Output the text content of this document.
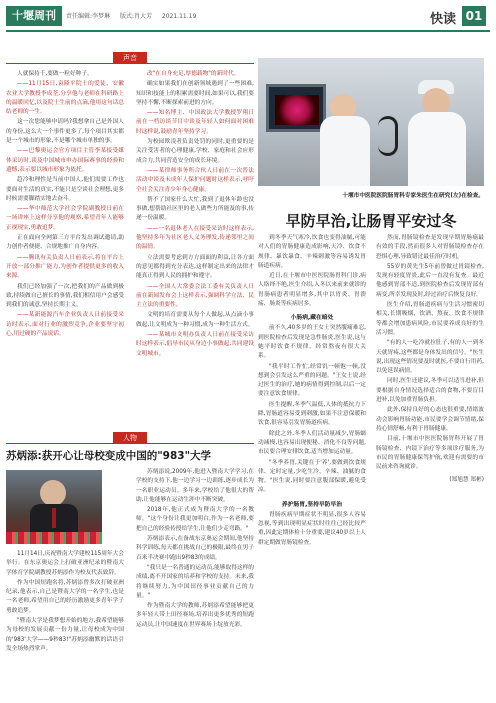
十堰周刊	责任编辑:李梦琳 版式:肖大芳 2021.11.19	快读 01
声音

人就保持千,要做一粒好种子。

——11月15日,袁隆平院士的爱徒、安徽农业大学教授李成荃,分享他与老师在科研路上的温暖回忆,以及院士生前的点滴,他用这句话总结老师的一生。

这一次您能够申请吗?我想拿自己是外国人的身份,这么大一个事件更多了,每个项目其实都是一个城市的形象,不是哪个城市单独的事。

——巴黎奥运会官方项目主管李某接受媒体采访时,谈及中国城市申办国际赛事的经验和遗憾,表示要以城市形象为依托。

趋冷和理性是当前中国人,他们需要工作也要面对生活的真实,不能只是空谈社会理想,更多时候需要脚踏实地去奋斗。

——华中师范大学社会学院副教授日前在一场讲座上这样分享他的观察,希望青年人能够正视现实,勇敢追梦。

正在面向全网第三方平台发出调试邀请,助力创作者便捷、合规地推广自身内容。

——腾讯有关负责人日前表示,将在平台上开放一部分推广能力,为创作者提供更多的收入来源。

我们已经加强了一次,把我们的产品做到极致,持续做自己擅长的事情,我们相信用户会感受到我们的诚意,坚持长期主义。

——某新能源汽车企业负责人日前接受采访时表示,面对行业的激烈竞争,企业要坚守初心,用过硬的产品说话。

改"在自身充足,厚德载物"的新时代。

确实如果我们在创新领域遇到了一些困难,知识和技能上的积累需要时间,如果可以,我们要坚持不懈,不断探索前进的方向。

——知名博主、中国政法大学教授罗翔日前在一档访谈节目中谈及年轻人如何面对困难时这样说,鼓励青年坚持学习。

为校园欺凌者负责处罚的同时,更重要的是关注受害者的心理健康,学校、家庭和社会应形成合力,共同营造安全的成长环境。

——某律师事务所合伙人日前在一次普法活动中谈及未成年人保护问题时这样表示,呼吁全社会关注青少年身心健康。

帮不了国家什么大忙,我到了退休年龄也没事做,想帮助社区里的老人做些力所能及的事,传递一份温暖。

——一名退休老人在接受采访时这样表示,他坚持多年为社区老人义务理发,传递邻里之间的温情。

立法需要考虑到方方面面的利益,让各方面的意见都得到充分表达,这样制定出来的法律才能真正得到人民的拥护和遵守。

——全国人大常委会法工委有关负责人日前在新闻发布会上这样表示,强调科学立法、民主立法的重要性。

文明的培育需要从每个人做起,从点滴小事做起,让文明成为一种习惯,成为一种生活方式。

——某城市文明办负责人日前在接受采访时这样表示,倡导市民从身边小事做起,共同建设文明城市。

人物
苏炳添:获开心让母校变成中国的"983"大学

11月14日,庆祝暨南大学建校115周年大会举行。在东京奥运会上打破亚洲纪录的暨南大学体育学院副教授苏炳添作为校友代表致辞。

作为中国短跑名将,苏炳添曾多次打破亚洲纪录,他表示,自己是暨南大学的一名学生,也是一名老师,希望用自己的经历激励更多青年学子勇敢追梦。

"暨南大学是我梦想开始的地方,我希望能够为母校的发展贡献一份力量,让母校成为中国的'983'大学——9秒83!"苏炳添幽默的话语引发全场热烈掌声。

苏炳添说,2009年,他进入暨南大学学习,在学校的支持下,他一边学习一边训练,逐步成长为一名职业运动员。多年来,学校给了他很大的帮助,让他能够在运动生涯中不断突破。

2018年,他正式成为暨南大学的一名教师。"这个身份让我更加明白,作为一名老师,要把自己的经验传授给学生,让他们少走弯路。"

苏炳添表示,在备战东京奥运会期间,他坚持科学训练,每天都在挑战自己的极限,最终在男子百米半决赛中跑出9秒83的成绩。

"我只是一名普通的运动员,能够取得这样的成绩,离不开国家的培养和学校的支持。未来,我将继续努力,为中国田径事业贡献自己的力量。"

作为暨南大学的教师,苏炳添希望能够把更多年轻人带上田径赛场,培养出更多优秀的短跑运动员,让中国速度在世界赛场上绽放光彩。

十堰市中医院医院肠胃科专家朱医生在研究(左)在检查。
早防早治,让肠胃平安过冬

到冬季天气寒冷,饮食也变得油腻,可能对人们的胃肠健康造成影响,天冷、饮食不规律、暴饮暴食、辛辣刺激等容易诱发胃肠道疾病。

近日,在十堰市中医医院肠胃科门诊,病人络绎不绝,医生介绍,入冬以来前来就诊的胃肠病患者明显增多,其中以胃炎、胃溃疡、肠炎等疾病居多。

小肠病,藏在暗处

前不久,40多岁的王女士突然腹痛难忍,到医院检查后发现是急性肠炎,医生说,这与她平时饮食不规律、经常熬夜有很大关系。

"我平时工作忙,经常饥一顿饱一顿,没想到会引发这么严重的问题。"王女士说,经过医生的治疗,她的病情得到控制,以后一定要注意饮食规律。

医生提醒,冬季气温低,人体的抵抗力下降,胃肠道容易受到刺激,如果不注意保暖和饮食,很容易引发胃肠道疾病。

除此之外,冬季人们活动量减少,胃肠蠕动减慢,也容易出现便秘、消化不良等问题,市民要合理安排饮食,适当增加运动量。

"冬季养胃,关键在于'养',要做到饮食规律、定时定量,少吃生冷、辛辣、油腻的食物。"医生说,同时要注意腹部保暖,避免受凉。

养护肠胃,坚持早防早治

胃肠疾病早期症状不明显,很多人容易忽视,等到出现明显症状时往往已经比较严重,因此定期体检十分重要,建议40岁以上人群定期做胃肠镜检查。

然而,胃肠镜检查是发现早期胃肠癌最有效的手段,然而很多人对胃肠镜检查存在恐惧心理,导致错过最佳治疗时机。

55岁的黄先生5年前曾做过胃镜检查,发现有轻度胃炎,此后一直没有复查。最近他感到胃部不适,到医院检查后发现胃部有病变,所幸发现及时,经过治疗后恢复良好。

医生介绍,胃肠道疾病与生活习惯密切相关,长期吸烟、饮酒、熬夜、饮食不规律等都会增加患病风险,市民要养成良好的生活习惯。

"有的人一吃冷就拉肚子,有的人一到冬天就胃疼,这些都是身体发出的信号。"医生说,出现这些情况要及时就医,不要自行用药,以免延误病情。

同时,医生还建议,冬季可以适当进补,但要根据自身情况选择适合的食物,不要盲目进补,以免加重胃肠负担。

此外,保持良好的心态也很重要,情绪波动会影响胃肠功能,市民要学会调节情绪,保持心情舒畅,有利于胃肠健康。

目前,十堰市中医医院肠胃科开展了胃肠镜检查、内镜下治疗等多项诊疗服务,为市民的胃肠健康保驾护航,欢迎有需要的市民前来咨询就诊。

(郑旭慧 郑彬)
